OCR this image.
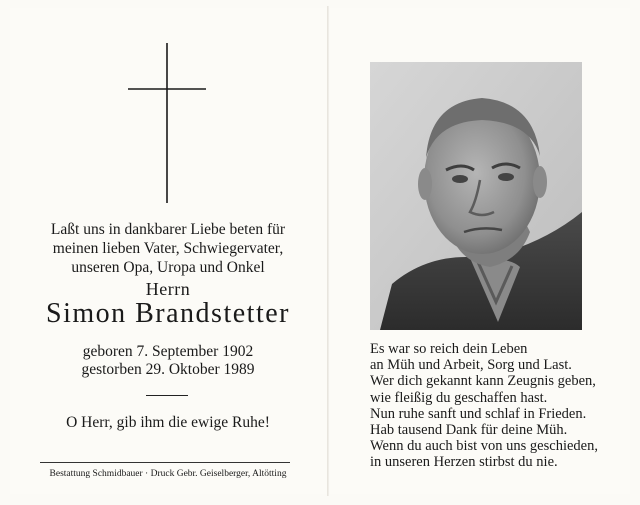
Laßt uns in dankbarer Liebe beten für
meinen lieben Vater, Schwiegervater,
unseren Opa, Uropa und Onkel
Herrn
Simon Brandstetter
geboren 7. September 1902
gestorben 29. Oktober 1989
O Herr, gib ihm die ewige Ruhe!
Bestattung Schmidbauer · Druck Gebr. Geiselberger, Altötting
Es war so reich dein Leben
an Müh und Arbeit, Sorg und Last.
Wer dich gekannt kann Zeugnis geben,
wie fleißig du geschaffen hast.
Nun ruhe sanft und schlaf in Frieden.
Hab tausend Dank für deine Müh.
Wenn du auch bist von uns geschieden,
in unseren Herzen stirbst du nie.
